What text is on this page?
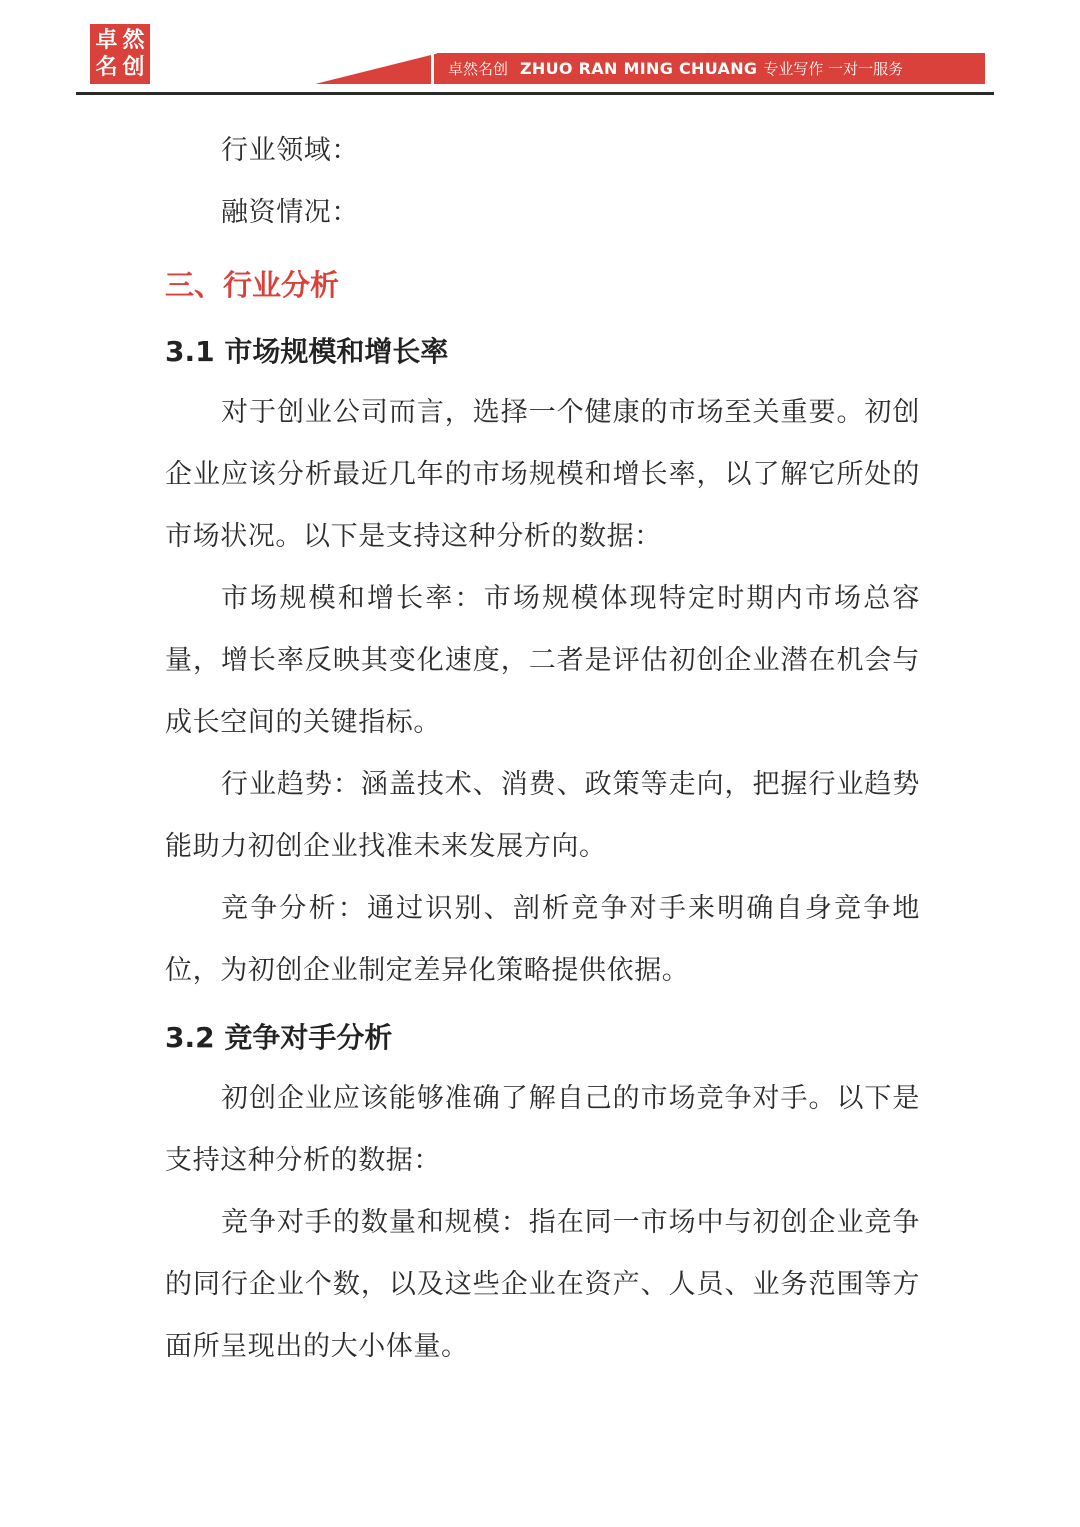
卓 然
名 创	卓然名创 ZHUO RAN MING CHUANG 专业写作 一对一服务

行业领域：

融资情况：

三、行业分析
3.1 市场规模和增长率

对于创业公司而言，选择一个健康的市场至关重要。初创企业应该分析最近几年的市场规模和增长率，以了解它所处的市场状况。以下是支持这种分析的数据：

市场规模和增长率：市场规模体现特定时期内市场总容量，增长率反映其变化速度，二者是评估初创企业潜在机会与成长空间的关键指标。

行业趋势：涵盖技术、消费、政策等走向，把握行业趋势能助力初创企业找准未来发展方向。

竞争分析：通过识别、剖析竞争对手来明确自身竞争地位，为初创企业制定差异化策略提供依据。

3.2 竞争对手分析

初创企业应该能够准确了解自己的市场竞争对手。以下是支持这种分析的数据：

竞争对手的数量和规模：指在同一市场中与初创企业竞争的同行企业个数，以及这些企业在资产、人员、业务范围等方面所呈现出的大小体量。
